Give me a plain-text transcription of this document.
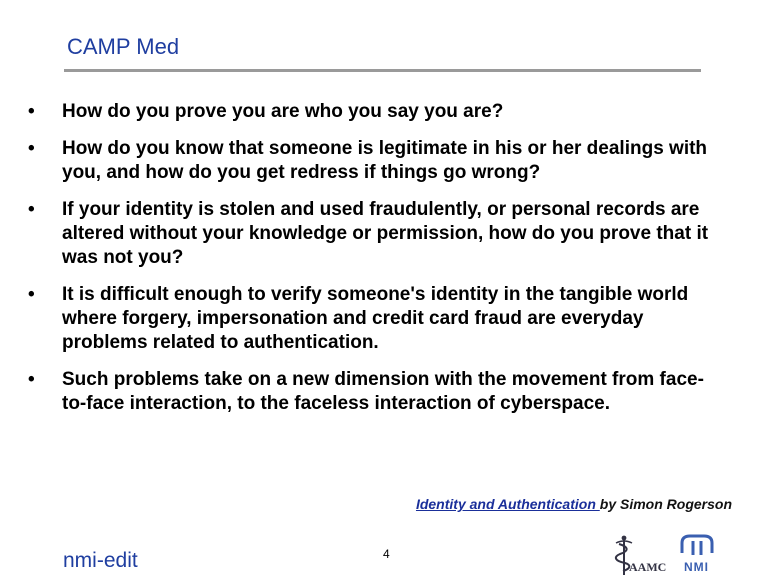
CAMP Med
• How do you prove you are who you say you are?
• How do you know that someone is legitimate in his or her dealings with you, and how do you get redress if things go wrong?
• If your identity is stolen and used fraudulently, or personal records are altered without your knowledge or permission, how do you prove that it was not you?
• It is difficult enough to verify someone's identity in the tangible world where forgery, impersonation and credit card fraud are everyday problems related to authentication.
• Such problems take on a new dimension with the movement from face-to-face interaction, to the faceless interaction of cyberspace.
Identity and Authentication by Simon Rogerson
nmi-edit	4
AAMC NMI
